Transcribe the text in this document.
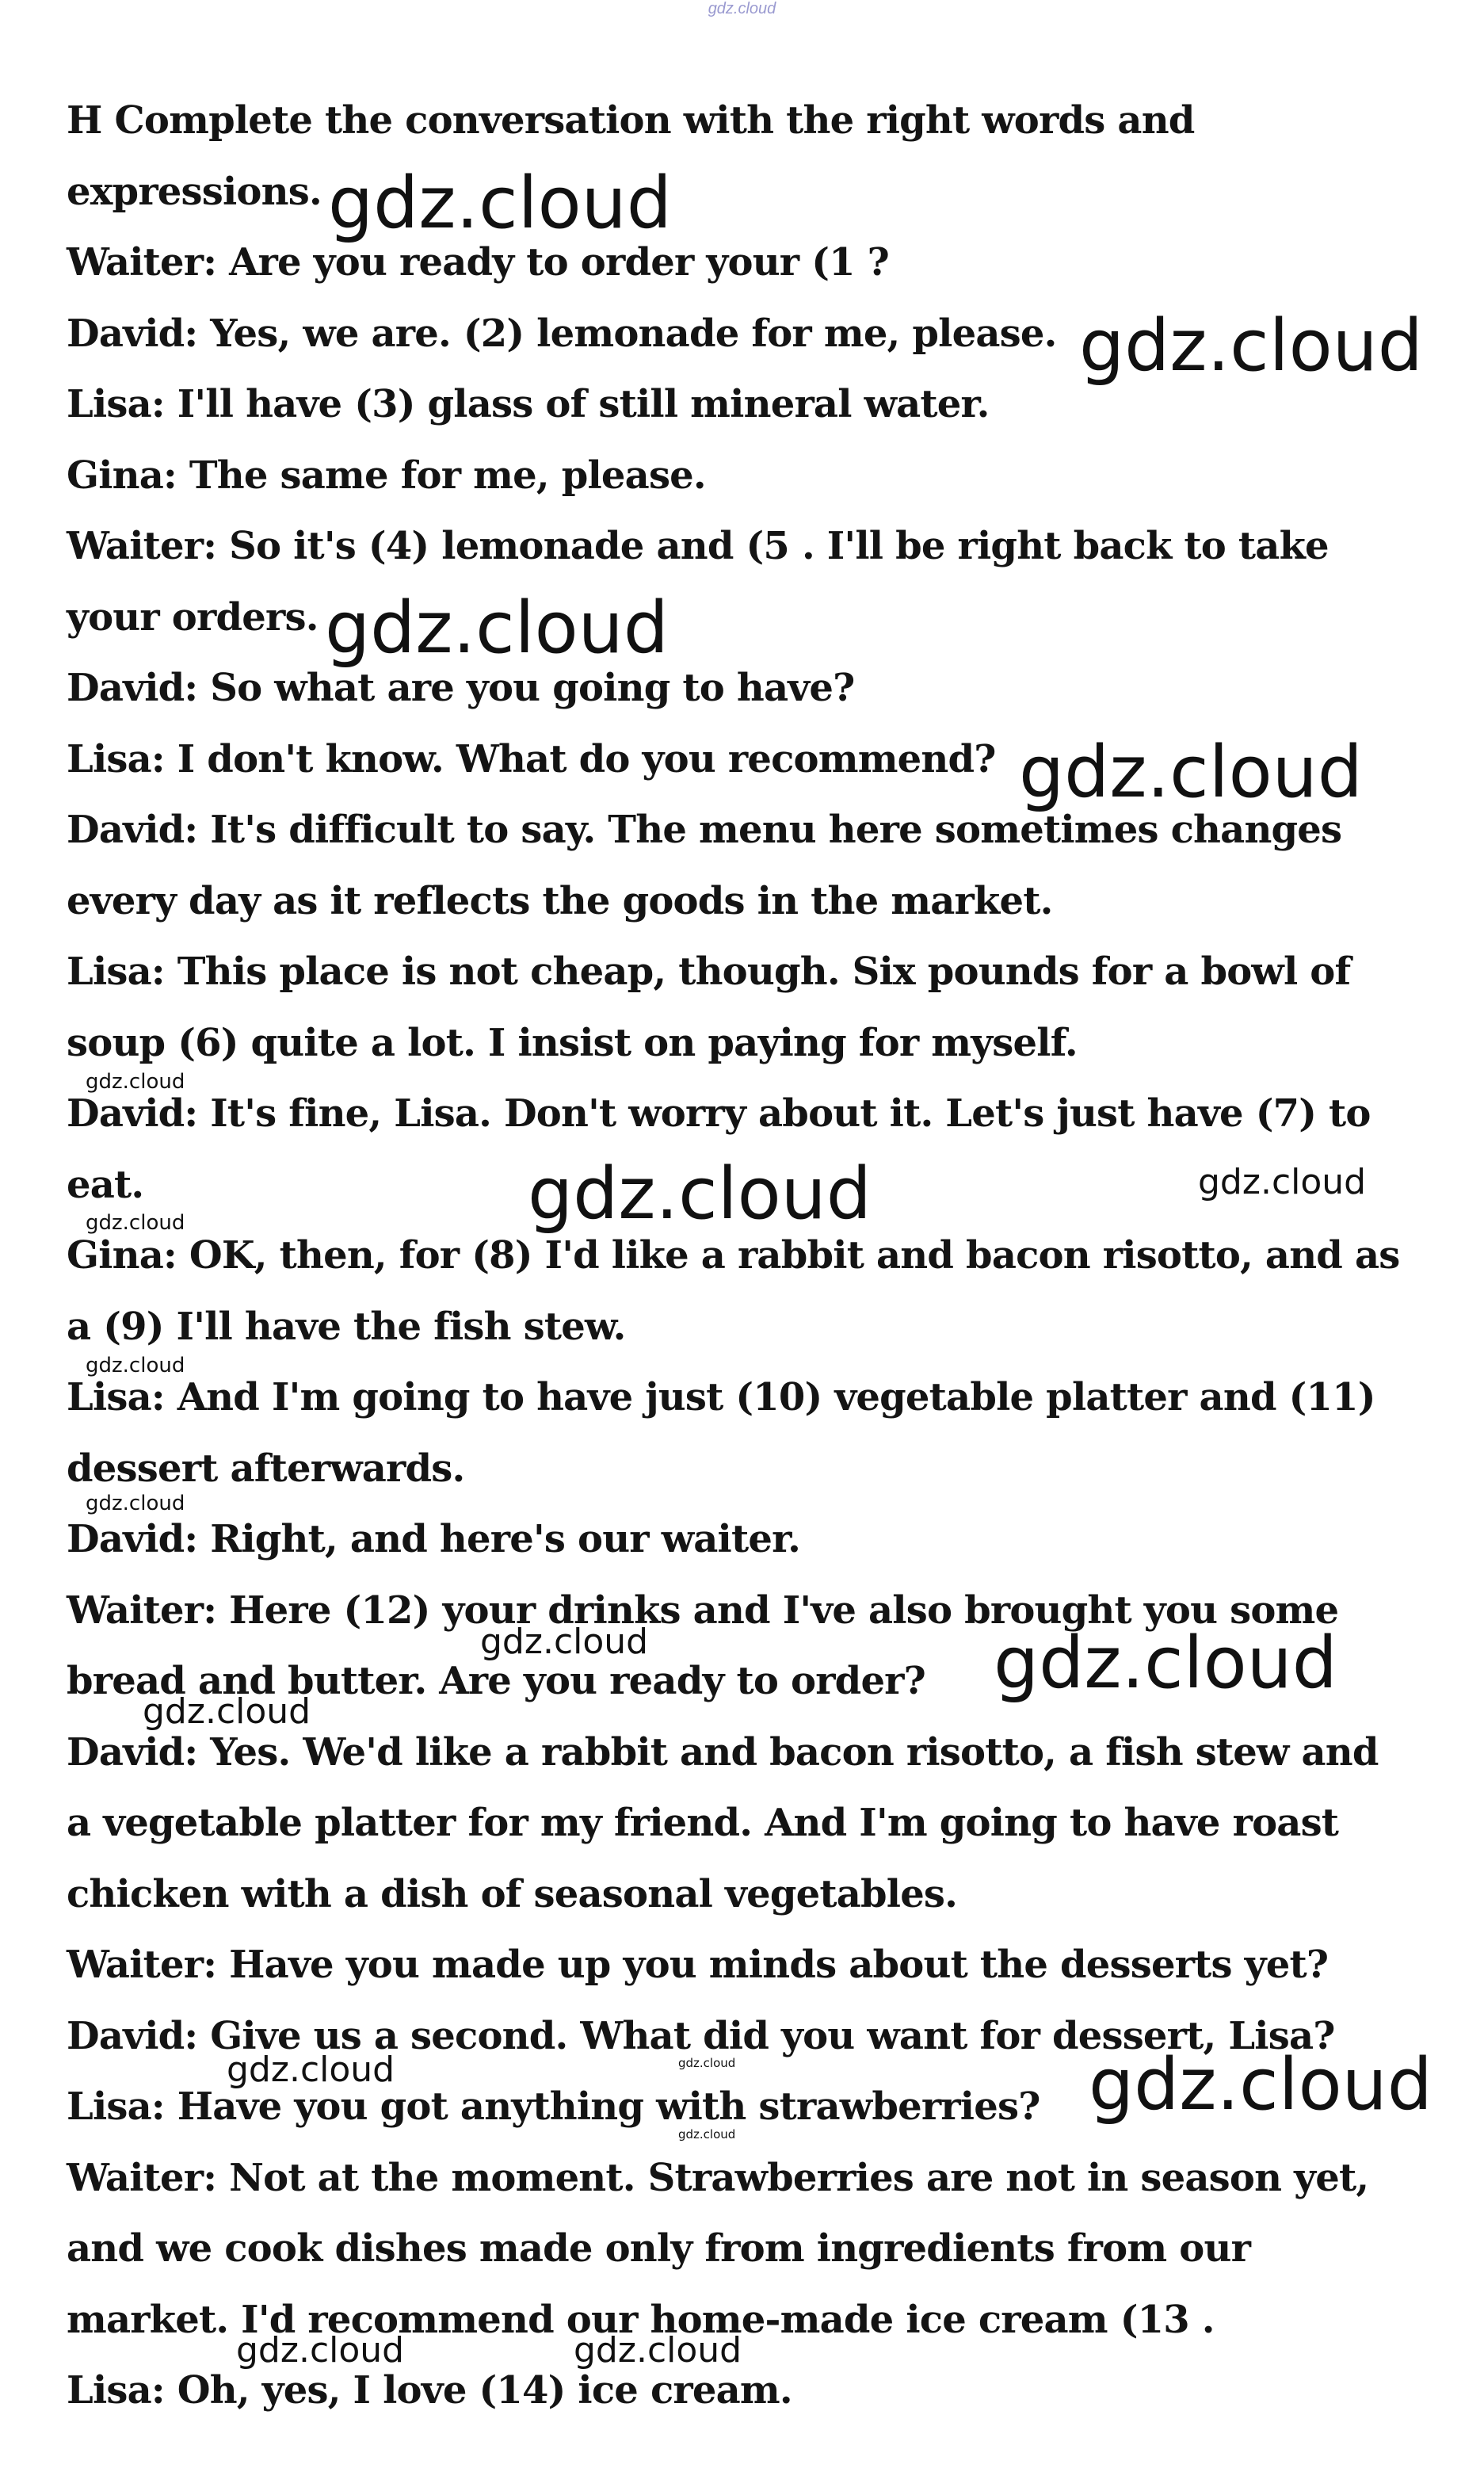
gdz.cloud
H Complete the conversation with the right words and
expressions.
Waiter: Are you ready to order your (1 ?
David: Yes, we are. (2) lemonade for me, please.
Lisa: I'll have (3) glass of still mineral water.
Gina: The same for me, please.
Waiter: So it's (4) lemonade and (5 . I'll be right back to take
your orders.
David: So what are you going to have?
Lisa: I don't know. What do you recommend?
David: It's difficult to say. The menu here sometimes changes
every day as it reflects the goods in the market.
Lisa: This place is not cheap, though. Six pounds for a bowl of
soup (6) quite a lot. I insist on paying for myself.
David: It's fine, Lisa. Don't worry about it. Let's just have (7) to
eat.
Gina: OK, then, for (8) I'd like a rabbit and bacon risotto, and as
a (9) I'll have the fish stew.
Lisa: And I'm going to have just (10) vegetable platter and (11)
dessert afterwards.
David: Right, and here's our waiter.
Waiter: Here (12) your drinks and I've also brought you some
bread and butter. Are you ready to order?
David: Yes. We'd like a rabbit and bacon risotto, a fish stew and
a vegetable platter for my friend. And I'm going to have roast
chicken with a dish of seasonal vegetables.
Waiter: Have you made up you minds about the desserts yet?
David: Give us a second. What did you want for dessert, Lisa?
Lisa: Have you got anything with strawberries?
Waiter: Not at the moment. Strawberries are not in season yet,
and we cook dishes made only from ingredients from our
market. I'd recommend our home-made ice cream (13 .
Lisa: Oh, yes, I love (14) ice cream.
gdz.cloud
gdz.cloud
gdz.cloud
gdz.cloud
gdz.cloud
gdz.cloud	gdz.cloud
gdz.cloud
gdz.cloud
gdz.cloud
gdz.cloud	gdz.cloud
gdz.cloud
gdz.cloud	gdz.cloud
gdz.cloud
gdz.cloud
gdz.cloud	gdz.cloud
